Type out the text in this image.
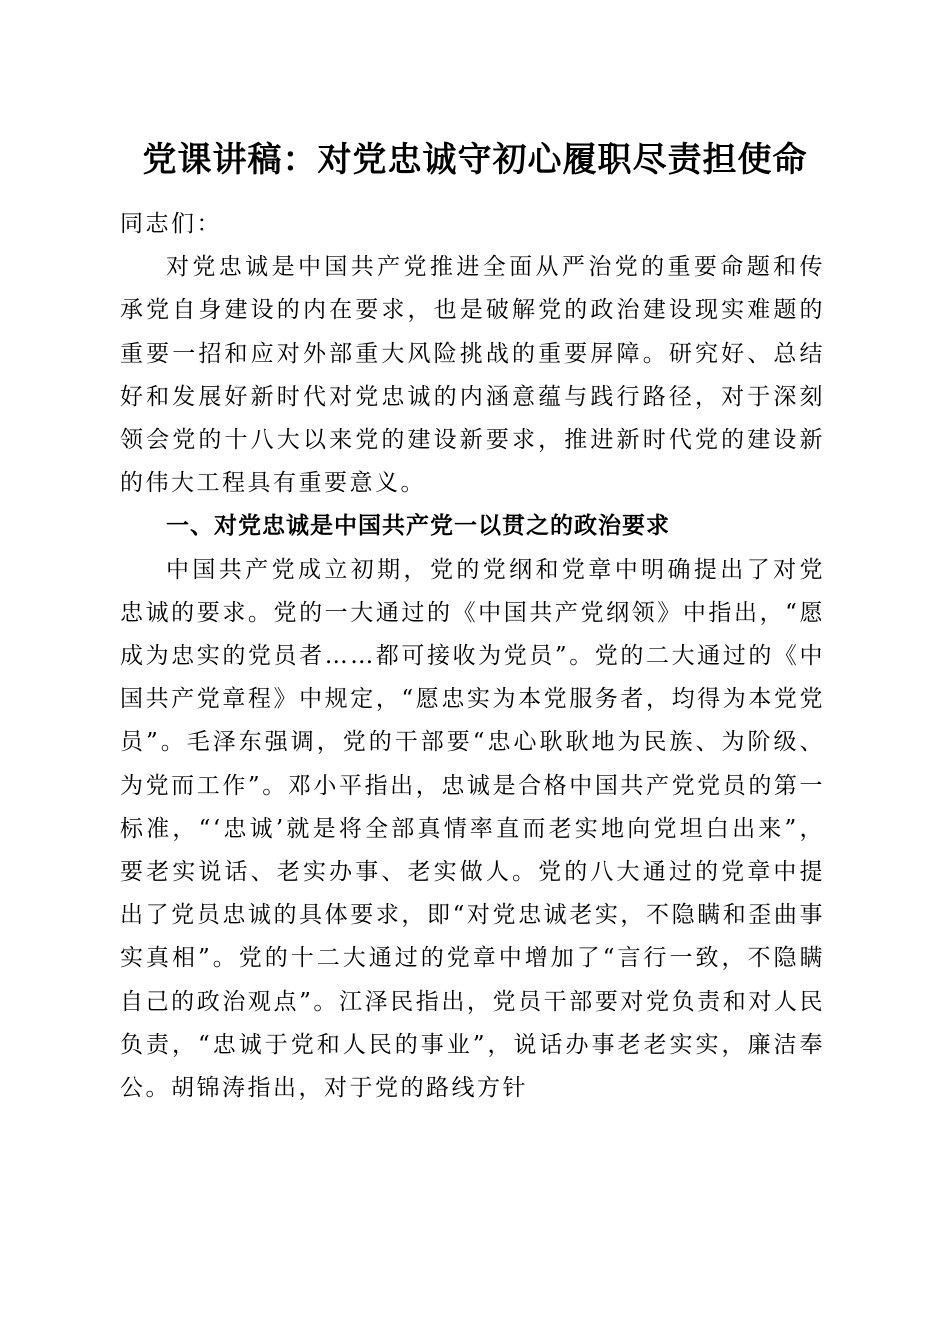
党课讲稿：对党忠诚守初心履职尽责担使命

同志们：

对党忠诚是中国共产党推进全面从严治党的重要命题和传承党自身建设的内在要求，也是破解党的政治建设现实难题的重要一招和应对外部重大风险挑战的重要屏障。研究好、总结好和发展好新时代对党忠诚的内涵意蕴与践行路径，对于深刻领会党的十八大以来党的建设新要求，推进新时代党的建设新的伟大工程具有重要意义。

一、对党忠诚是中国共产党一以贯之的政治要求

中国共产党成立初期，党的党纲和党章中明确提出了对党忠诚的要求。党的一大通过的《中国共产党纲领》中指出，“愿成为忠实的党员者……都可接收为党员”。党的二大通过的《中国共产党章程》中规定，“愿忠实为本党服务者，均得为本党党员”。毛泽东强调，党的干部要“忠心耿耿地为民族、为阶级、为党而工作”。邓小平指出，忠诚是合格中国共产党党员的第一标准，“‘忠诚’就是将全部真情率直而老实地向党坦白出来”，要老实说话、老实办事、老实做人。党的八大通过的党章中提出了党员忠诚的具体要求，即“对党忠诚老实，不隐瞒和歪曲事实真相”。党的十二大通过的党章中增加了“言行一致，不隐瞒自己的政治观点”。江泽民指出，党员干部要对党负责和对人民负责，“忠诚于党和人民的事业”，说话办事老老实实，廉洁奉公。胡锦涛指出，对于党的路线方针
